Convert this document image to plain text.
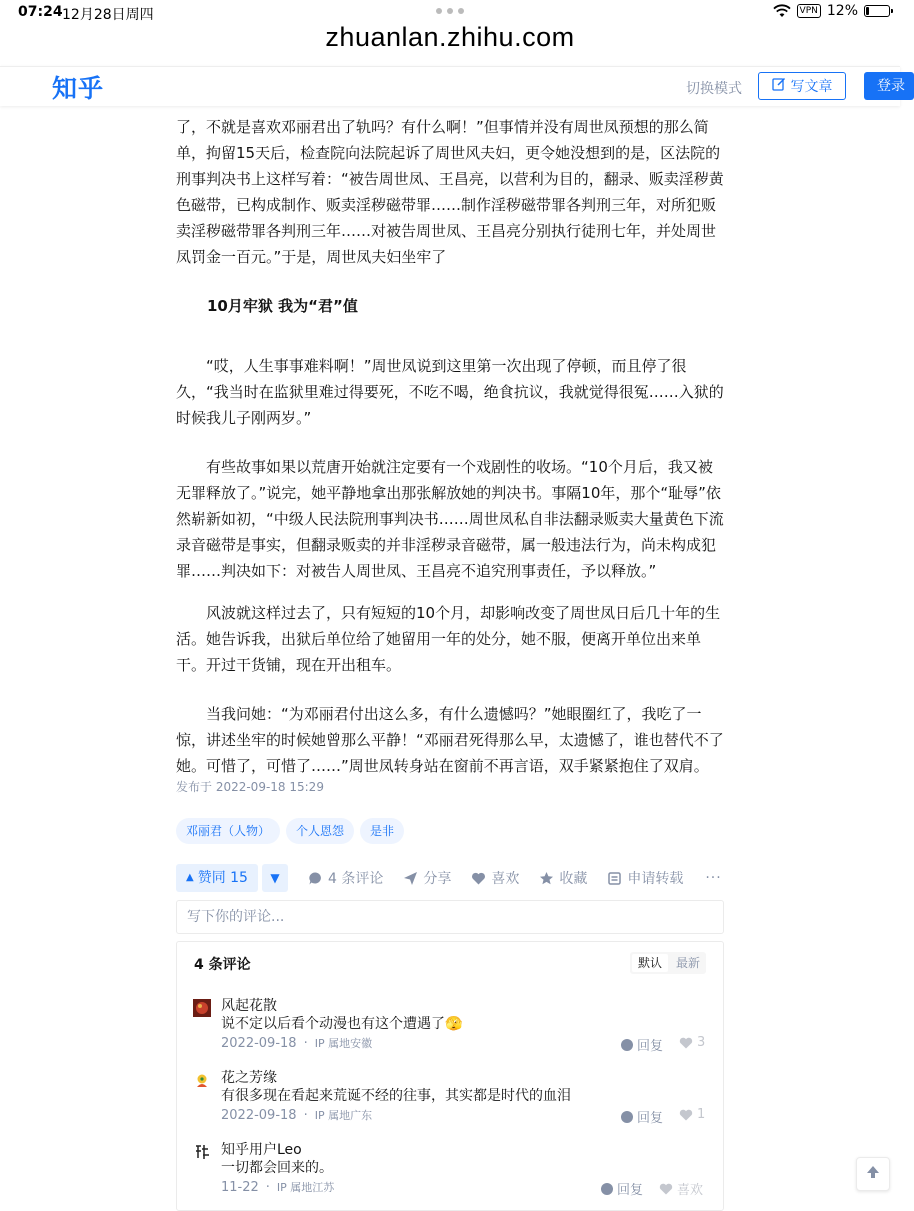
07:24 12月28日周四	VPN 12%
zhuanlan.zhihu.com
知乎	切换模式	写文章	登录
了，不就是喜欢邓丽君出了轨吗？有什么啊！”但事情并没有周世凤预想的那么简单，拘留15天后，检查院向法院起诉了周世风夫妇，更令她没想到的是，区法院的刑事判决书上这样写着：“被告周世凤、王昌亮，以营利为目的，翻录、贩卖淫秽黄色磁带，已构成制作、贩卖淫秽磁带罪……制作淫秽磁带罪各判刑三年，对所犯贩卖淫秽磁带罪各判刑三年……对被告周世凤、王昌亮分别执行徒刑七年，并处周世凤罚金一百元。”于是，周世凤夫妇坐牢了
10月牢狱 我为“君”值
“哎，人生事事难料啊！”周世凤说到这里第一次出现了停顿，而且停了很久，“我当时在监狱里难过得要死，不吃不喝，绝食抗议，我就觉得很冤……入狱的时候我儿子刚两岁。”
有些故事如果以荒唐开始就注定要有一个戏剧性的收场。“10个月后，我又被无罪释放了。”说完，她平静地拿出那张解放她的判决书。事隔10年，那个“耻辱”依然崭新如初，“中级人民法院刑事判决书……周世凤私自非法翻录贩卖大量黄色下流录音磁带是事实，但翻录贩卖的并非淫秽录音磁带，属一般违法行为，尚未构成犯罪……判决如下：对被告人周世凤、王昌亮不追究刑事责任，予以释放。”
风波就这样过去了，只有短短的10个月，却影响改变了周世凤日后几十年的生活。她告诉我，出狱后单位给了她留用一年的处分，她不服，便离开单位出来单干。开过干货铺，现在开出租车。
当我问她：“为邓丽君付出这么多，有什么遗憾吗？”她眼圈红了，我吃了一惊，讲述坐牢的时候她曾那么平静！“邓丽君死得那么早，太遗憾了，谁也替代不了她。可惜了，可惜了……”周世凤转身站在窗前不再言语，双手紧紧抱住了双肩。
发布于 2022-09-18 15:29
邓丽君（人物）	个人恩怨	是非
▲ 赞同 15 ▼	4 条评论	分享	喜欢	收藏	申请转载 ···
写下你的评论...
4 条评论	默认	最新
风起花散
说不定以后看个动漫也有这个遭遇了🫣
2022-09-18 · IP 属地安徽	回复	3
花之芳缘
有很多现在看起来荒诞不经的往事，其实都是时代的血泪
2022-09-18 · IP 属地广东	回复	1
知乎用户Leo
一切都会回来的。
11-22 · IP 属地江苏	回复	喜欢
